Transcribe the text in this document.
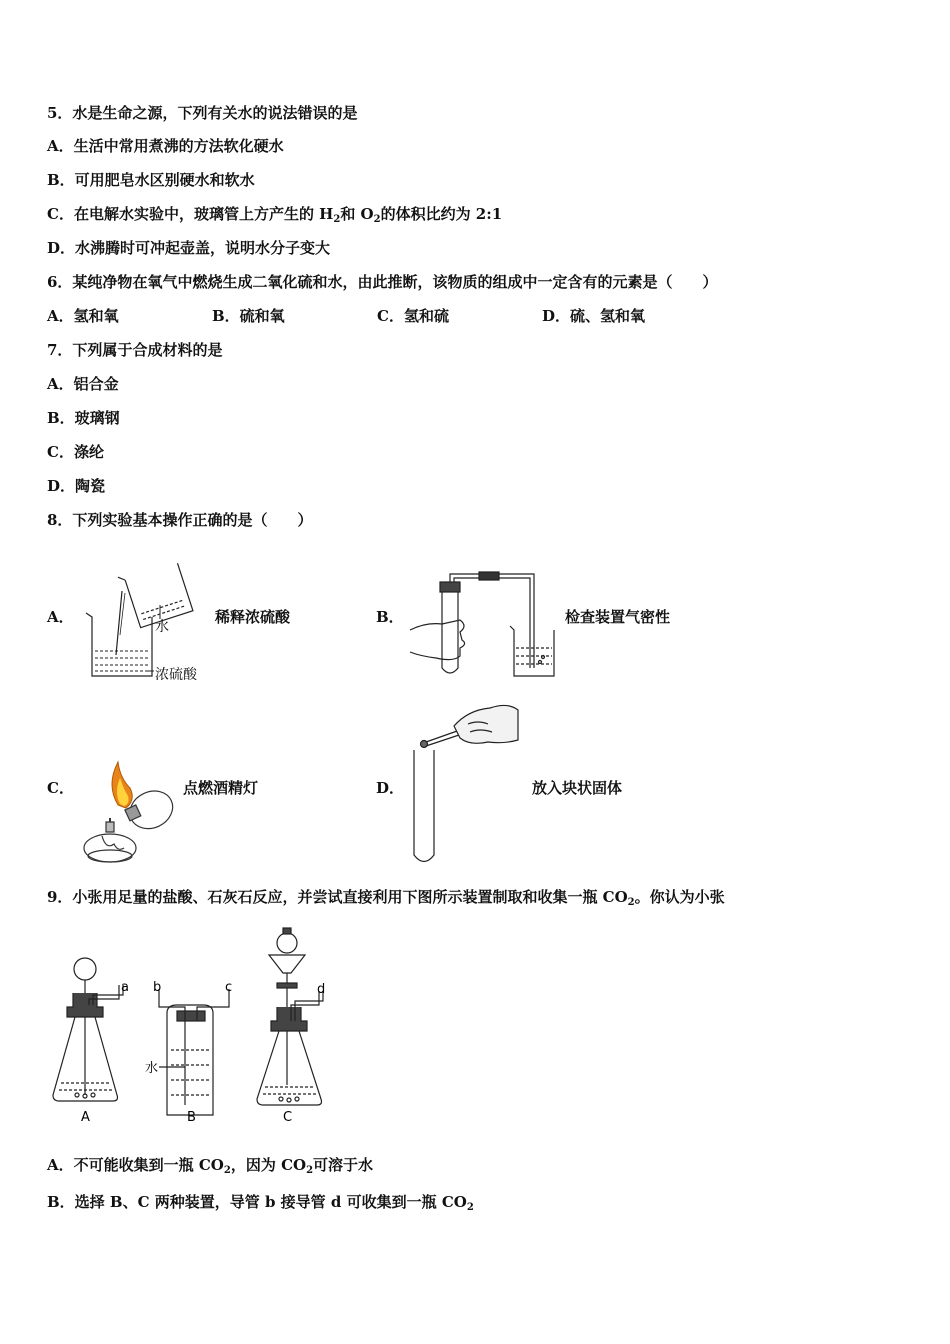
5．水是生命之源，下列有关水的说法错误的是
A．生活中常用煮沸的方法软化硬水
B．可用肥皂水区别硬水和软水
C．在电解水实验中，玻璃管上方产生的 $H_2$和 $O_2$的体积比约为 2:1
D．水沸腾时可冲起壶盖，说明水分子变大
6．某纯净物在氧气中燃烧生成二氧化硫和水，由此推断，该物质的组成中一定含有的元素是（　　）
A．氢和氧	B．硫和氧	C．氢和硫	D．硫、氢和氧
7．下列属于合成材料的是
A．铝合金
B．玻璃钢
C．涤纶
D．陶瓷
8．下列实验基本操作正确的是（　　）
A．
水
浓硫酸
稀释浓硫酸	B．	检查装置气密性
C．	点燃酒精灯	D．	放入块状固体
9．小张用足量的盐酸、石灰石反应，并尝试直接利用下图所示装置制取和收集一瓶 $CO_2$。你认为小张
a b	c	d
水
A	B	C
A．不可能收集到一瓶 $CO_2$，因为 $CO_2$可溶于水
B．选择 B、C 两种装置，导管 b 接导管 d 可收集到一瓶 $CO_2$
